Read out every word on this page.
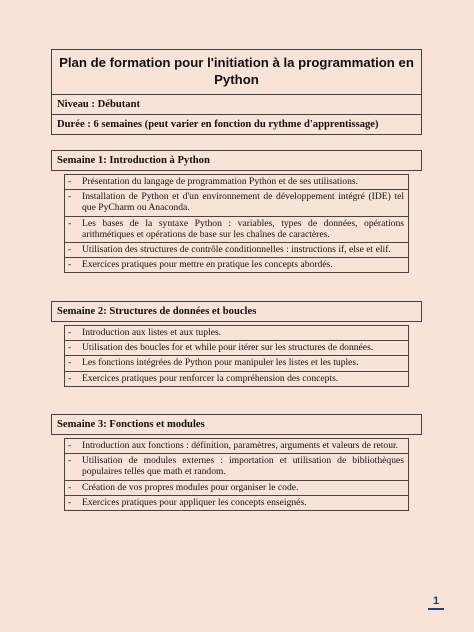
Plan de formation pour l'initiation à la programmation en Python
Niveau : Débutant
Durée : 6 semaines (peut varier en fonction du rythme d'apprentissage)
Semaine 1: Introduction à Python
-	Présentation du langage de programmation Python et de ses utilisations.
-	Installation de Python et d'un environnement de développement intégré (IDE) tel que PyCharm ou Anaconda.
-	Les bases de la syntaxe Python : variables, types de données, opérations arithmétiques et opérations de base sur les chaînes de caractères.
-	Utilisation des structures de contrôle conditionnelles : instructions if, else et elif.
-	Exercices pratiques pour mettre en pratique les concepts abordés.
Semaine 2: Structures de données et boucles
-	Introduction aux listes et aux tuples.
-	Utilisation des boucles for et while pour itérer sur les structures de données.
-	Les fonctions intégrées de Python pour manipuler les listes et les tuples.
-	Exercices pratiques pour renforcer la compréhension des concepts.
Semaine 3: Fonctions et modules
-	Introduction aux fonctions : définition, paramètres, arguments et valeurs de retour.
-	Utilisation de modules externes : importation et utilisation de bibliothèques populaires telles que math et random.
-	Création de vos propres modules pour organiser le code.
-	Exercices pratiques pour appliquer les concepts enseignés.
1
